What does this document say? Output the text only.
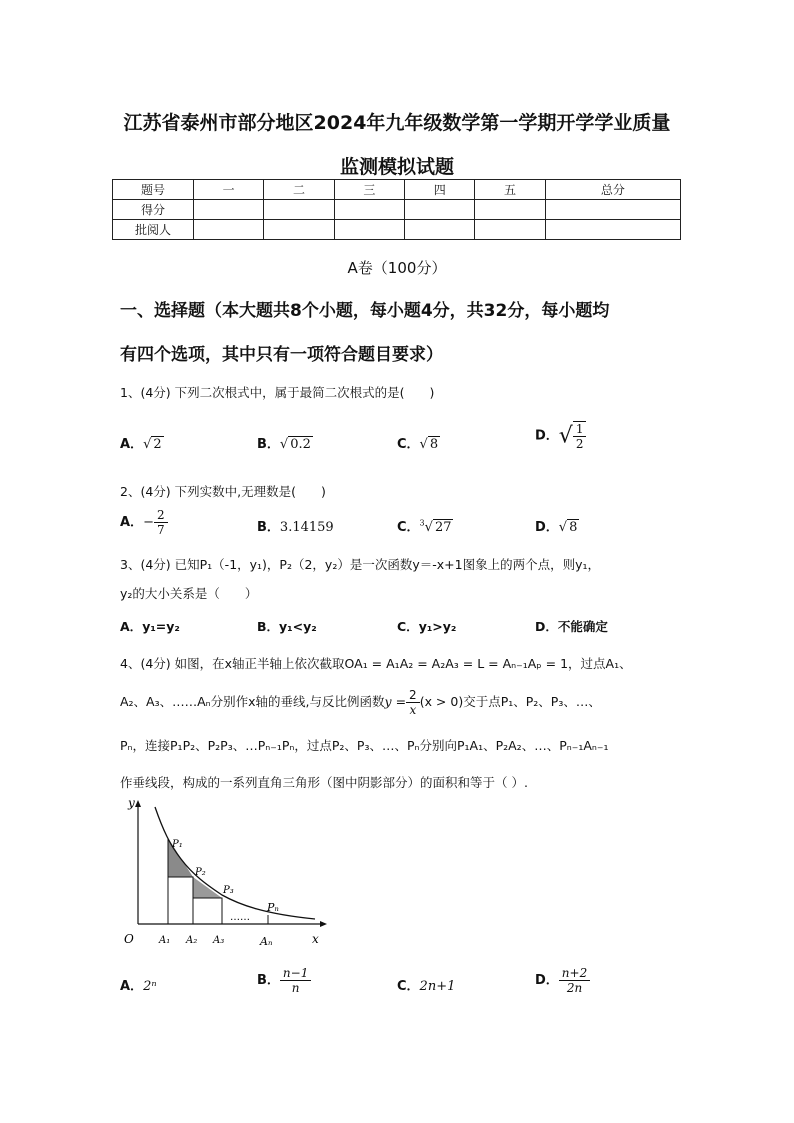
江苏省泰州市部分地区2024年九年级数学第一学期开学学业质量
监测模拟试题
题号	一	二	三	四	五	总分
得分						
批阅人						
A卷（100分）
一、选择题（本大题共8个小题，每小题4分，共32分，每小题均
有四个选项，其中只有一项符合题目要求）
1、(4分) 下列二次根式中，属于最简二次根式的是(　　)
A．√ 2	B．√ 0.2	C．√ 8
D．√ $\frac{1}{2}$
2、(4分) 下列实数中,无理数是(　　)
A．− $\frac{2}{7}$	B．3.14159	C．$^3$√ 27	D．√ 8
3、(4分) 已知P₁（-1，y₁)，P₂（2，y₂）是一次函数y＝-x+1图象上的两个点，则y₁，
y₂的大小关系是（　　）
A．y₁=y₂	B．y₁<y₂	C．y₁>y₂	D．不能确定
4、(4分) 如图，在x轴正半轴上依次截取OA₁ = A₁A₂ = A₂A₃ = L = Aₙ₋₁Aₚ = 1，过点A₁、
A₂、A₃、……Aₙ分别作x轴的垂线,与反比例函数$y = \frac{2}{x} (x > 0)$交于点P₁、P₂、P₃、…、
Pₙ，连接P₁P₂、P₂P₃、…Pₙ₋₁Pₙ，过点P₂、P₃、…、Pₙ分别向P₁A₁、P₂A₂、…、Pₙ₋₁Aₙ₋₁
作垂线段，构成的一系列直角三角形（图中阴影部分）的面积和等于（ ）.
y
x
O
P₁
P₂
P₃
Pₙ
A₁ A₂ A₃	Aₙ
……
A．2ⁿ	B． $\frac{n-1}{n}$	C．2n+1	D． $\frac{n+2}{2n}$
